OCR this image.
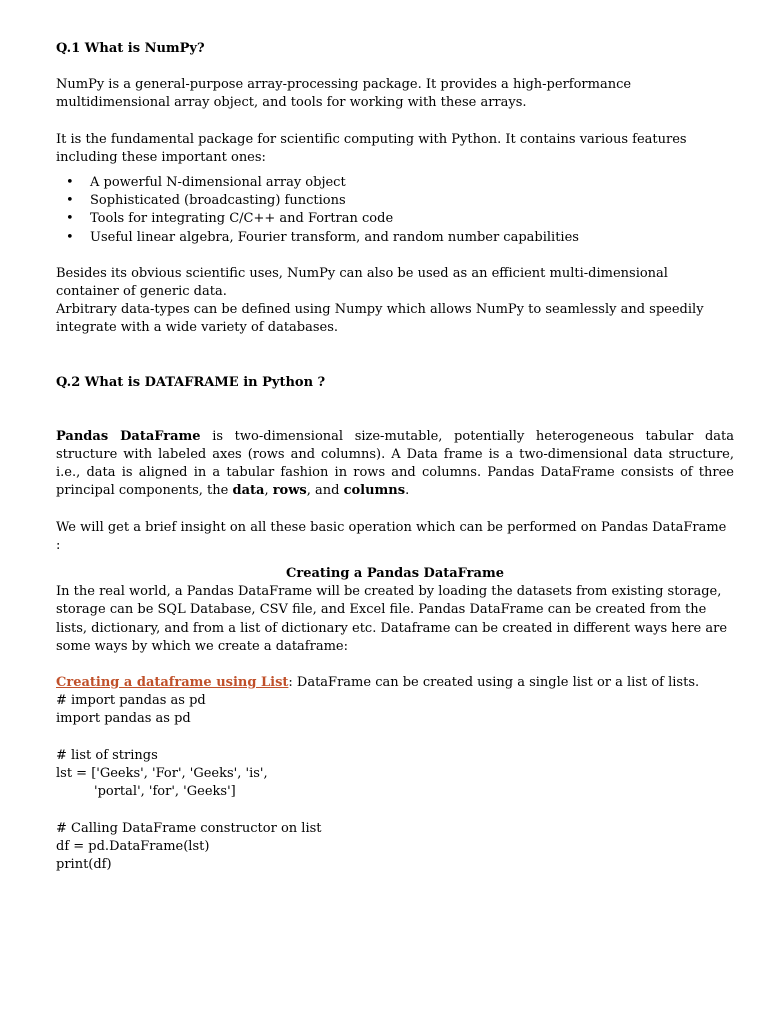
Q.1 What is NumPy?

NumPy is a general-purpose array-processing package. It provides a high-performance multidimensional array object, and tools for working with these arrays.

It is the fundamental package for scientific computing with Python. It contains various features including these important ones:

• A powerful N-dimensional array object
• Sophisticated (broadcasting) functions
• Tools for integrating C/C++ and Fortran code
• Useful linear algebra, Fourier transform, and random number capabilities

Besides its obvious scientific uses, NumPy can also be used as an efficient multi-dimensional container of generic data.

Arbitrary data-types can be defined using Numpy which allows NumPy to seamlessly and speedily integrate with a wide variety of databases.

Q.2 What is DATAFRAME in Python ?

Pandas DataFrame is two-dimensional size-mutable, potentially heterogeneous tabular data structure with labeled axes (rows and columns). A Data frame is a two-dimensional data structure, i.e., data is aligned in a tabular fashion in rows and columns. Pandas DataFrame consists of three principal components, the data, rows, and columns.

We will get a brief insight on all these basic operation which can be performed on Pandas DataFrame :

Creating a Pandas DataFrame

In the real world, a Pandas DataFrame will be created by loading the datasets from existing storage, storage can be SQL Database, CSV file, and Excel file. Pandas DataFrame can be created from the lists, dictionary, and from a list of dictionary etc. Dataframe can be created in different ways here are some ways by which we create a dataframe:

Creating a dataframe using List: DataFrame can be created using a single list or a list of lists.

# import pandas as pd

import pandas as pd

# list of strings

lst = ['Geeks', 'For', 'Geeks', 'is',

'portal', 'for', 'Geeks']

# Calling DataFrame constructor on list

df = pd.DataFrame(lst)

print(df)
